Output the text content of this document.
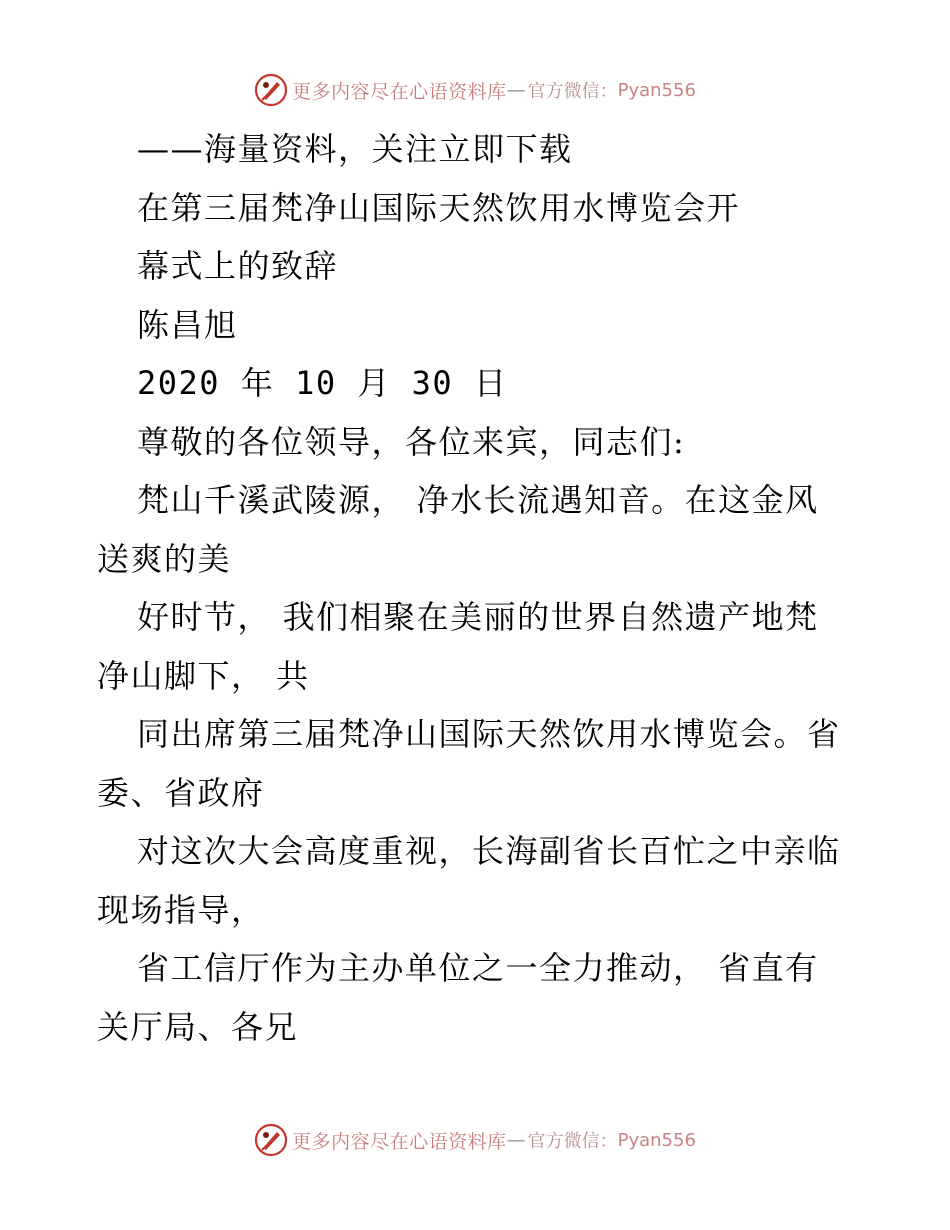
更多内容尽在心语资料库 — 官方微信： Pyan556
——海量资料，关注立即下载
在第三届梵净山国际天然饮用水博览会开
幕式上的致辞
陈昌旭
2020 年 10 月 30 日
尊敬的各位领导，各位来宾，同志们:
梵山千溪武陵源， 净水长流遇知音。在这金风
送爽的美
好时节， 我们相聚在美丽的世界自然遗产地梵
净山脚下， 共
同出席第三届梵净山国际天然饮用水博览会。省
委、省政府
对这次大会高度重视，长海副省长百忙之中亲临
现场指导，
省工信厅作为主办单位之一全力推动， 省直有
关厅局、各兄
更多内容尽在心语资料库 — 官方微信： Pyan556
